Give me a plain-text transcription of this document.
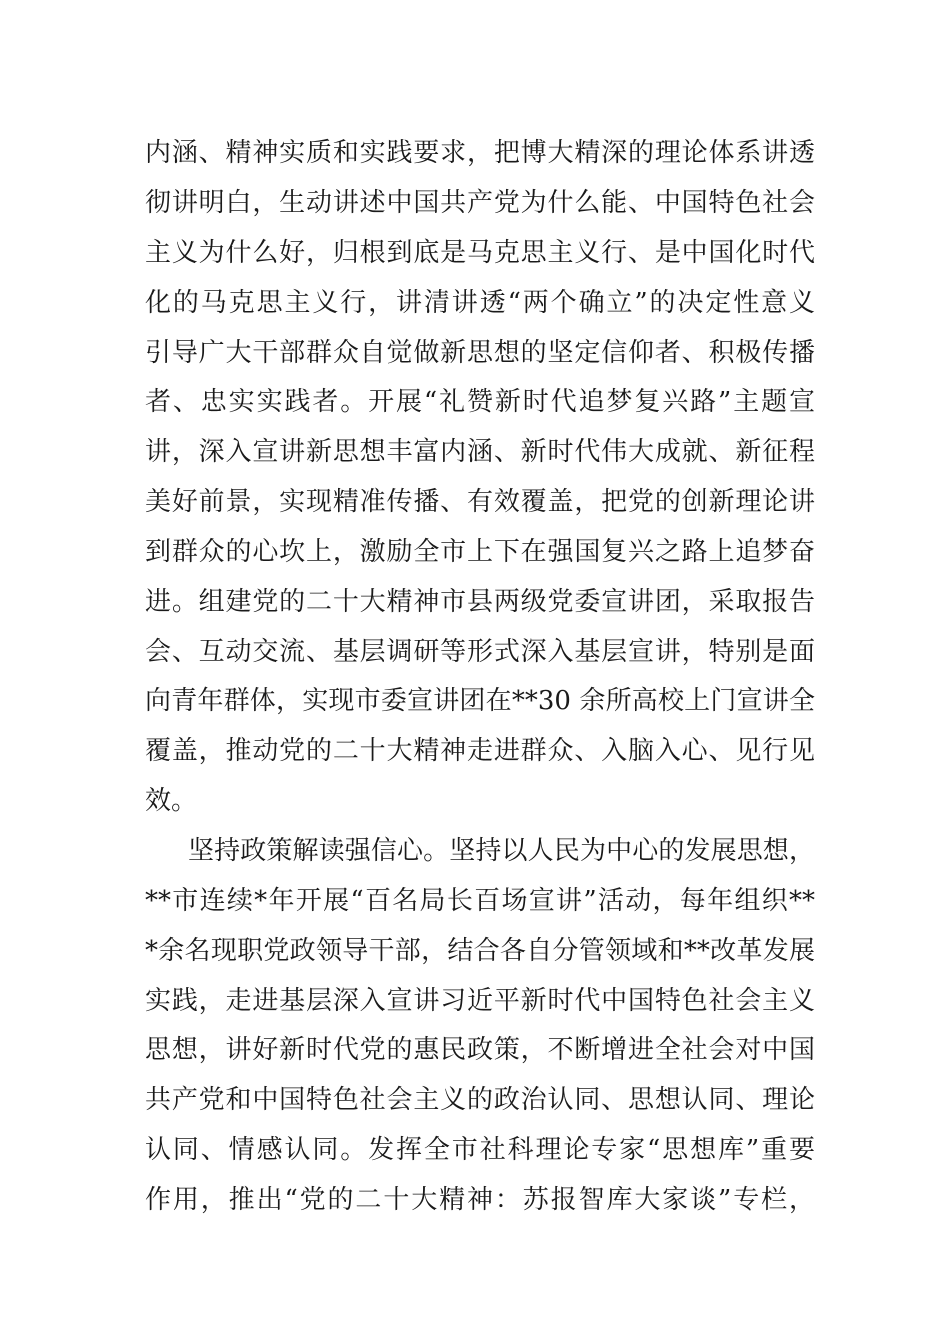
内涵、精神实质和实践要求，把博大精深的理论体系讲透
彻讲明白，生动讲述中国共产党为什么能、中国特色社会
主义为什么好，归根到底是马克思主义行、是中国化时代
化的马克思主义行，讲清讲透“两个确立”的决定性意义
引导广大干部群众自觉做新思想的坚定信仰者、积极传播
者、忠实实践者。开展“礼赞新时代追梦复兴路”主题宣
讲，深入宣讲新思想丰富内涵、新时代伟大成就、新征程
美好前景，实现精准传播、有效覆盖，把党的创新理论讲
到群众的心坎上，激励全市上下在强国复兴之路上追梦奋
进。组建党的二十大精神市县两级党委宣讲团，采取报告
会、互动交流、基层调研等形式深入基层宣讲，特别是面
向青年群体，实现市委宣讲团在**30 余所高校上门宣讲全
覆盖，推动党的二十大精神走进群众、入脑入心、见行见
效。
坚持政策解读强信心。坚持以人民为中心的发展思想，
**市连续*年开展“百名局长百场宣讲”活动，每年组织**
*余名现职党政领导干部，结合各自分管领域和**改革发展
实践，走进基层深入宣讲习近平新时代中国特色社会主义
思想，讲好新时代党的惠民政策，不断增进全社会对中国
共产党和中国特色社会主义的政治认同、思想认同、理论
认同、情感认同。发挥全市社科理论专家“思想库”重要
作用，推出“党的二十大精神：苏报智库大家谈”专栏，
